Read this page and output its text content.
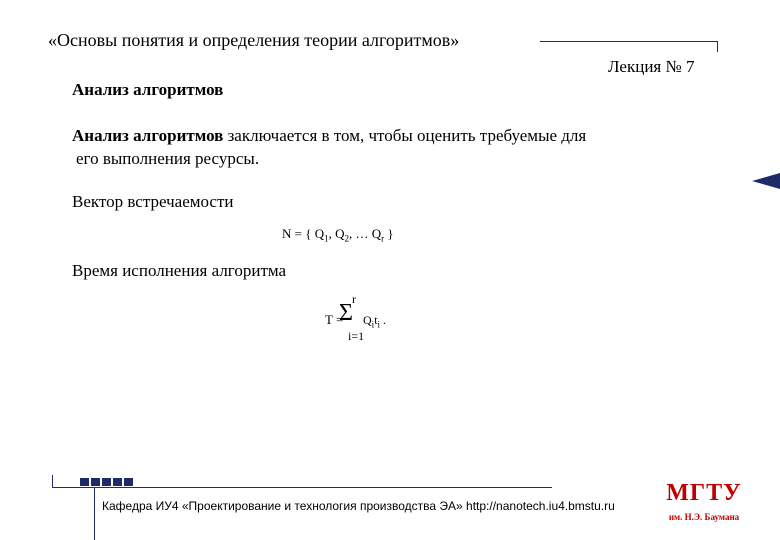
«Основы понятия и определения теории алгоритмов»
Лекция № 7
Анализ алгоритмов
Анализ алгоритмов заключается в том, чтобы оценить требуемые для
его выполнения ресурсы.
Вектор встречаемости
N = { $Q_1$, $Q_2$, … $Q_r$ }
Время исполнения алгоритма
r
T =
Σ $Q_it_i$ .
i=1
Кафедра ИУ4 «Проектирование и технология производства ЭА» http://nanotech.iu4.bmstu.ru МГТУ
им. Н.Э. Баумана
